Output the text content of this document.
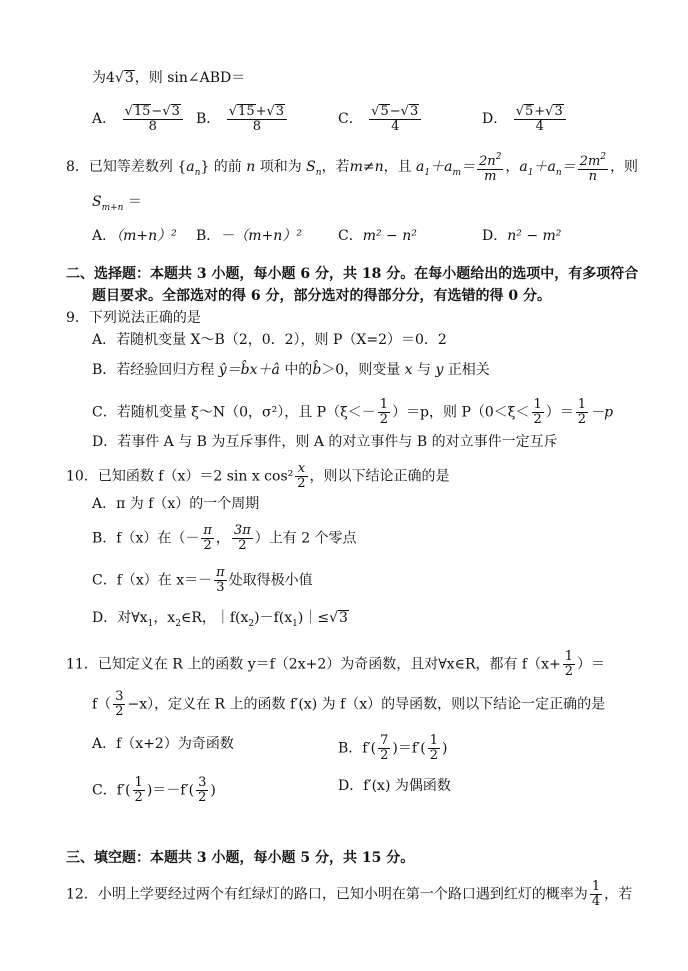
为4√3，则 sin∠ABD＝
A． $\frac{√15-√3}{8}$ B． $\frac{√15+√3}{8}$	C． $\frac{√5-√3}{4}$	D． $\frac{√5+√3}{4}$
8．已知等差数列 $\{a_n\}$ 的前 n 项和为 $S_n$，若m≠n，且 $a_1+a_m= \frac{2n^2}{m}$ ，$a_1+a_n= \frac{2m^2}{n}$ ，则
$S_{m+n}$ ＝
A．（m+n）² B．－（m+n）²	C．m² − n²	D．n² − m²
二、选择题：本题共 3 小题，每小题 6 分，共 18 分。在每小题给出的选项中，有多项符合
题目要求。全部选对的得 6 分，部分选对的得部分分，有选错的得 0 分。
9．下列说法正确的是
A．若随机变量 X～B（2，0．2），则 P（X=2）＝0．2
B．若经验回归方程 ŷ＝b̂x＋â 中的b̂＞0，则变量 x 与 y 正相关
C．若随机变量 ξ～N（0，σ²），且 $P(\xi<- \frac{1}{2} )=p$，则 $P(0<\xi< \frac{1}{2}$ ）＝ $\frac{1}{2} -p$
D．若事件 A 与 B 为互斥事件，则 A 的对立事件与 B 的对立事件一定互斥
10．已知函数 f（x）＝2 sin x $\cos^2 \frac{x}{2}$ ，则以下结论正确的是
A．π 为 f（x）的一个周期
B．f（x）在（－ $\frac{\pi}{2}$ ， $\frac{3\pi}{2}$ ）上有 2 个零点
C．f（x）在 $x=- \frac{\pi}{3}$ 处取得极小值
D．对$\forall x_1$，$x_2\in R$，$|f(x_2)-f(x_1)|\le√3$
11．已知定义在 R 上的函数 y＝f（2x+2）为奇函数，且对∀x∈R，都有 $f(x+ \frac{1}{2}$ ）＝
$f( \frac{3}{2} -x)$，定义在 R 上的函数 f′(x) 为 f（x）的导函数，则以下结论一定正确的是
A．f（x+2）为奇函数	B．$f'( \frac{7}{2} )=f'( \frac{1}{2}$ )
C．$f'( \frac{1}{2} )=-f'( \frac{3}{2}$ )	D．f′(x) 为偶函数
三、填空题：本题共 3 小题，每小题 5 分，共 15 分。
12．小明上学要经过两个有红绿灯的路口，已知小明在第一个路口遇到红灯的概率为 $\frac{1}{4}$ ，若
